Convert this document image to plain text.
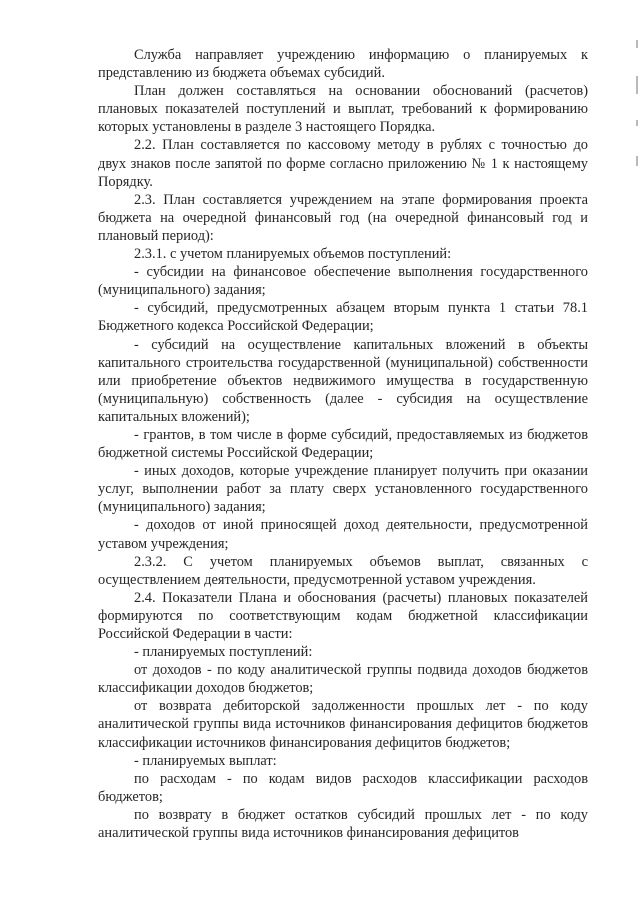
Служба направляет учреждению информацию о планируемых к представлению из бюджета объемах субсидий.

План должен составляться на основании обоснований (расчетов) плановых показателей поступлений и выплат, требований к формированию которых установлены в разделе 3 настоящего Порядка.

2.2. План составляется по кассовому методу в рублях с точностью до двух знаков после запятой по форме согласно приложению № 1 к настоящему Порядку.

2.3. План составляется учреждением на этапе формирования проекта бюджета на очередной финансовый год (на очередной финансовый год и плановый период):

2.3.1. с учетом планируемых объемов поступлений:

- субсидии на финансовое обеспечение выполнения государственного (муниципального) задания;

- субсидий, предусмотренных абзацем вторым пункта 1 статьи 78.1 Бюджетного кодекса Российской Федерации;

- субсидий на осуществление капитальных вложений в объекты капитального строительства государственной (муниципальной) собственности или приобретение объектов недвижимого имущества в государственную (муниципальную) собственность (далее - субсидия на осуществление капитальных вложений);

- грантов, в том числе в форме субсидий, предоставляемых из бюджетов бюджетной системы Российской Федерации;

- иных доходов, которые учреждение планирует получить при оказании услуг, выполнении работ за плату сверх установленного государственного (муниципального) задания;

- доходов от иной приносящей доход деятельности, предусмотренной уставом учреждения;

2.3.2. С учетом планируемых объемов выплат, связанных с осуществлением деятельности, предусмотренной уставом учреждения.

2.4. Показатели Плана и обоснования (расчеты) плановых показателей формируются по соответствующим кодам бюджетной классификации Российской Федерации в части:

- планируемых поступлений:

от доходов - по коду аналитической группы подвида доходов бюджетов классификации доходов бюджетов;

от возврата дебиторской задолженности прошлых лет - по коду аналитической группы вида источников финансирования дефицитов бюджетов классификации источников финансирования дефицитов бюджетов;

- планируемых выплат:

по расходам - по кодам видов расходов классификации расходов бюджетов;

по возврату в бюджет остатков субсидий прошлых лет - по коду аналитической группы вида источников финансирования дефицитов
